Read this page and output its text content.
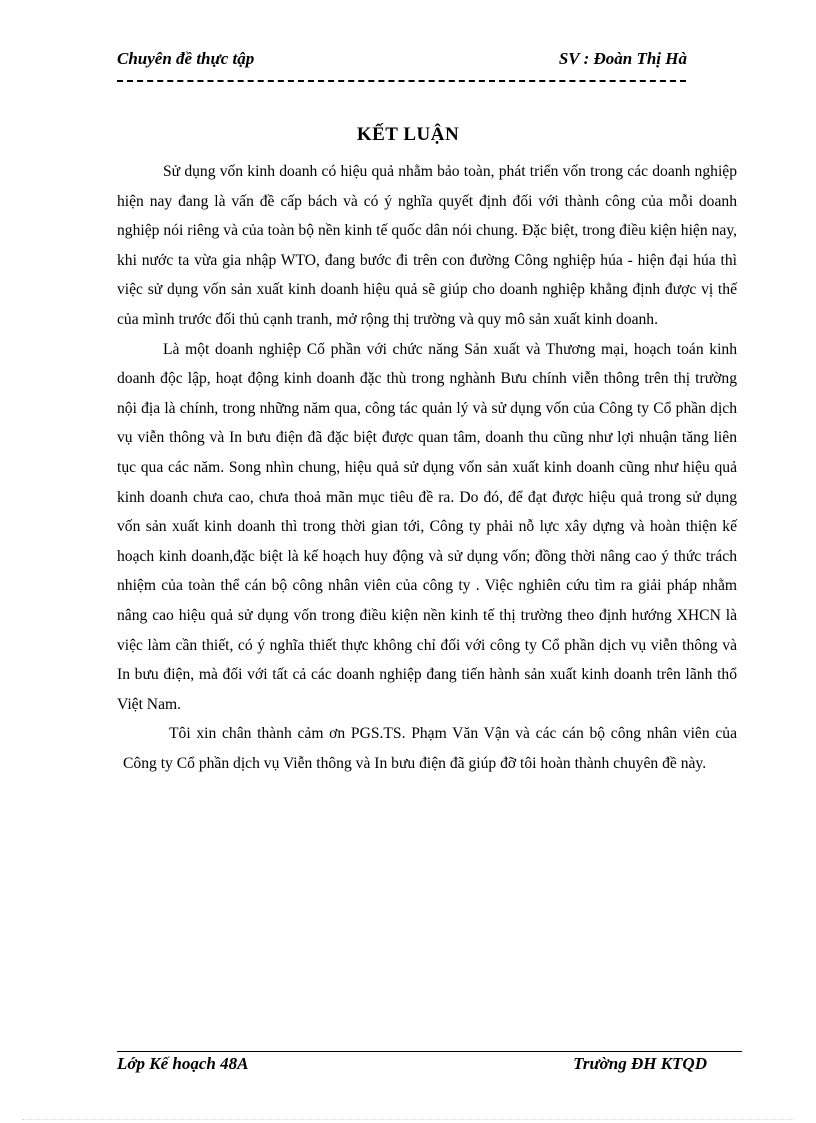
Chuyên đề thực tập	SV : Đoàn Thị Hà
KẾT LUẬN

Sử dụng vốn kinh doanh có hiệu quả nhằm bảo toàn, phát triển vốn trong các doanh nghiệp hiện nay đang là vấn đề cấp bách và có ý nghĩa quyết định đối với thành công của mỗi doanh nghiệp nói riêng và của toàn bộ nền kinh tế quốc dân nói chung. Đặc biệt, trong điều kiện hiện nay, khi nước ta vừa gia nhập WTO, đang bước đi trên con đường Công nghiệp húa - hiện đại húa thì việc sử dụng vốn sản xuất kinh doanh hiệu quả sẽ giúp cho doanh nghiệp khẳng định được vị thế của mình trước đối thủ cạnh tranh, mở rộng thị trường và quy mô sản xuất kinh doanh.

Là một doanh nghiệp Cổ phần với chức năng Sản xuất và Thương mại, hoạch toán kinh doanh độc lập, hoạt động kinh doanh đặc thù trong nghành Bưu chính viễn thông trên thị trường nội địa là chính, trong những năm qua, công tác quản lý và sử dụng vốn của Công ty Cổ phần dịch vụ viễn thông và In bưu điện đã đặc biệt được quan tâm, doanh thu cũng như lợi nhuận tăng liên tục qua các năm. Song nhìn chung, hiệu quả sử dụng vốn sản xuất kinh doanh cũng như hiệu quả kinh doanh chưa cao, chưa thoả mãn mục tiêu đề ra. Do đó, để đạt được hiệu quả trong sử dụng vốn sản xuất kinh doanh thì trong thời gian tới, Công ty phải nỗ lực xây dựng và hoàn thiện kế hoạch kinh doanh,đặc biệt là kế hoạch huy động và sử dụng vốn; đồng thời nâng cao ý thức trách nhiệm của toàn thể cán bộ công nhân viên của công ty . Việc nghiên cứu tìm ra giải pháp nhằm nâng cao hiệu quả sử dụng vốn trong điều kiện nền kinh tế thị trường theo định hướng XHCN là việc làm cần thiết, có ý nghĩa thiết thực không chỉ đối với công ty Cổ phần dịch vụ viễn thông và In bưu điện, mà đối với tất cả các doanh nghiệp đang tiến hành sản xuất kinh doanh trên lãnh thổ Việt Nam.

Tôi xin chân thành cảm ơn PGS.TS. Phạm Văn Vận và các cán bộ công nhân viên của Công ty Cổ phần dịch vụ Viễn thông và In bưu điện đã giúp đỡ tôi hoàn thành chuyên đề này.

Lớp Kế hoạch 48A	Trường ĐH KTQD
